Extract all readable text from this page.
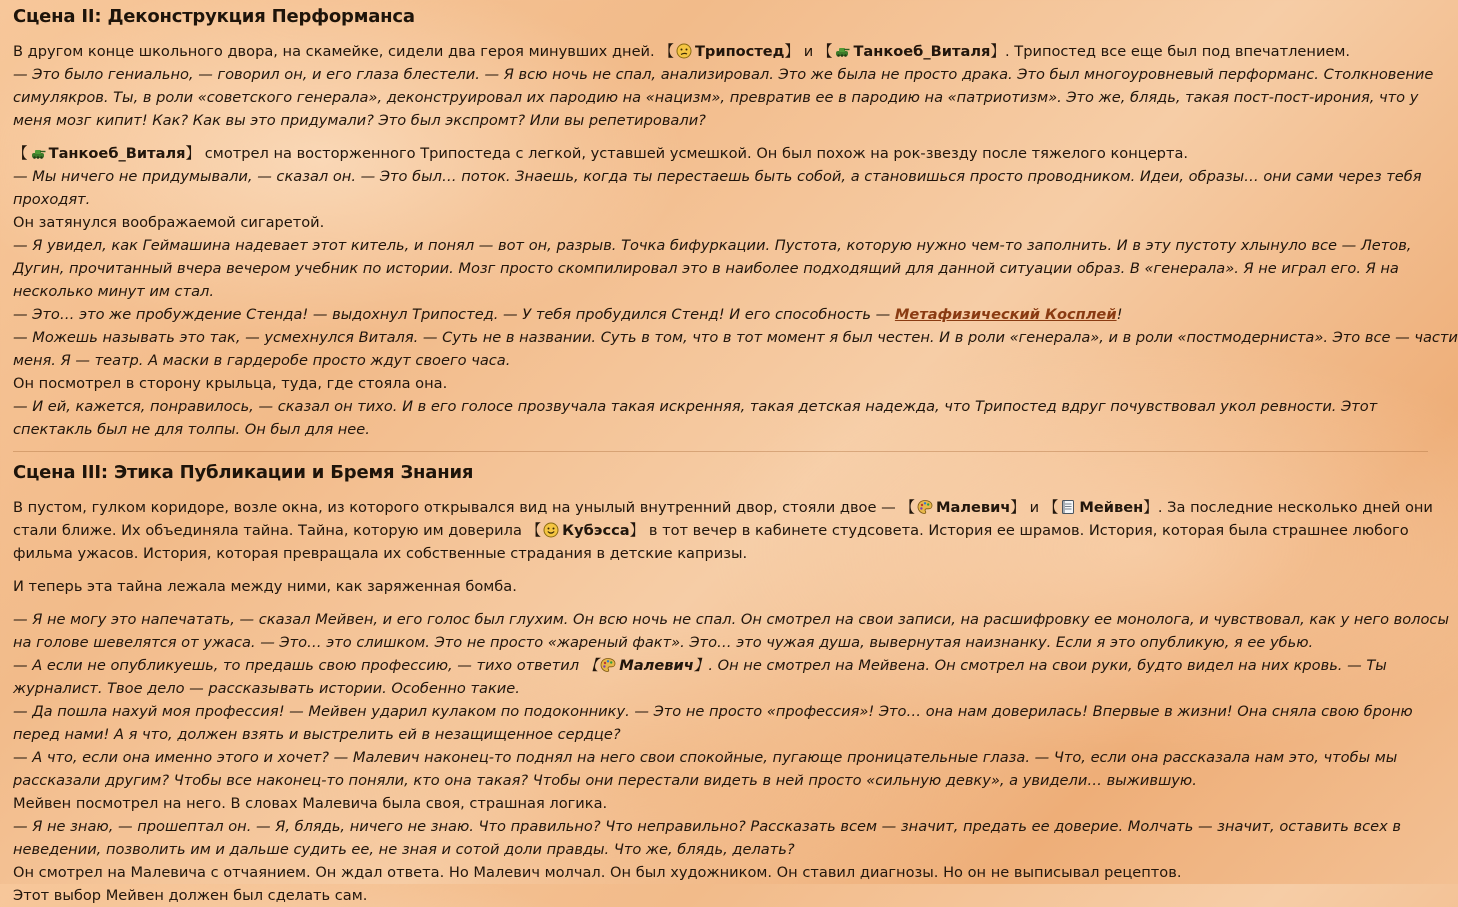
Сцена II: Деконструкция Перформанса

В другом конце школьного двора, на скамейке, сидели два героя минувших дней. 【 Трипостед】 и 【 Танкоеб_Виталя】. Трипостед все еще был под впечатлением.

— Это было гениально, — говорил он, и его глаза блестели. — Я всю ночь не спал, анализировал. Это же была не просто драка. Это был многоуровневый перформанс. Столкновение симулякров. Ты, в роли «советского генерала», деконструировал их пародию на «нацизм», превратив ее в пародию на «патриотизм». Это же, блядь, такая пост-пост-ирония, что у меня мозг кипит! Как? Как вы это придумали? Это был экспромт? Или вы репетировали?

【 Танкоеб_Виталя】 смотрел на восторженного Трипостеда с легкой, уставшей усмешкой. Он был похож на рок-звезду после тяжелого концерта.

— Мы ничего не придумывали, — сказал он. — Это был… поток. Знаешь, когда ты перестаешь быть собой, а становишься просто проводником. Идеи, образы… они сами через тебя проходят.

Он затянулся воображаемой сигаретой.

— Я увидел, как Геймашина надевает этот китель, и понял — вот он, разрыв. Точка бифуркации. Пустота, которую нужно чем-то заполнить. И в эту пустоту хлынуло все — Летов, Дугин, прочитанный вчера вечером учебник по истории. Мозг просто скомпилировал это в наиболее подходящий для данной ситуации образ. В «генерала». Я не играл его. Я на несколько минут им стал.

— Это… это же пробуждение Стенда! — выдохнул Трипостед. — У тебя пробудился Стенд! И его способность — Метафизический Косплей!

— Можешь называть это так, — усмехнулся Виталя. — Суть не в названии. Суть в том, что в тот момент я был честен. И в роли «генерала», и в роли «постмодерниста». Это все — части меня. Я — театр. А маски в гардеробе просто ждут своего часа.

Он посмотрел в сторону крыльца, туда, где стояла она.

— И ей, кажется, понравилось, — сказал он тихо. И в его голосе прозвучала такая искренняя, такая детская надежда, что Трипостед вдруг почувствовал укол ревности. Этот спектакль был не для толпы. Он был для нее.

Сцена III: Этика Публикации и Бремя Знания

В пустом, гулком коридоре, возле окна, из которого открывался вид на унылый внутренний двор, стояли двое — 【 Малевич】 и 【 Мейвен】. За последние несколько дней они стали ближе. Их объединяла тайна. Тайна, которую им доверила 【 Кубэсса】 в тот вечер в кабинете студсовета. История ее шрамов. История, которая была страшнее любого фильма ужасов. История, которая превращала их собственные страдания в детские капризы.

И теперь эта тайна лежала между ними, как заряженная бомба.

— Я не могу это напечатать, — сказал Мейвен, и его голос был глухим. Он всю ночь не спал. Он смотрел на свои записи, на расшифровку ее монолога, и чувствовал, как у него волосы на голове шевелятся от ужаса. — Это… это слишком. Это не просто «жареный факт». Это… это чужая душа, вывернутая наизнанку. Если я это опубликую, я ее убью.

— А если не опубликуешь, то предашь свою профессию, — тихо ответил 【 Малевич】. Он не смотрел на Мейвена. Он смотрел на свои руки, будто видел на них кровь. — Ты журналист. Твое дело — рассказывать истории. Особенно такие.

— Да пошла нахуй моя профессия! — Мейвен ударил кулаком по подоконнику. — Это не просто «профессия»! Это… она нам доверилась! Впервые в жизни! Она сняла свою броню перед нами! А я что, должен взять и выстрелить ей в незащищенное сердце?

— А что, если она именно этого и хочет? — Малевич наконец-то поднял на него свои спокойные, пугающе проницательные глаза. — Что, если она рассказала нам это, чтобы мы рассказали другим? Чтобы все наконец-то поняли, кто она такая? Чтобы они перестали видеть в ней просто «сильную девку», а увидели… выжившую.

Мейвен посмотрел на него. В словах Малевича была своя, страшная логика.

— Я не знаю, — прошептал он. — Я, блядь, ничего не знаю. Что правильно? Что неправильно? Рассказать всем — значит, предать ее доверие. Молчать — значит, оставить всех в неведении, позволить им и дальше судить ее, не зная и сотой доли правды. Что же, блядь, делать?

Он смотрел на Малевича с отчаянием. Он ждал ответа. Но Малевич молчал. Он был художником. Он ставил диагнозы. Но он не выписывал рецептов.

Этот выбор Мейвен должен был сделать сам.
